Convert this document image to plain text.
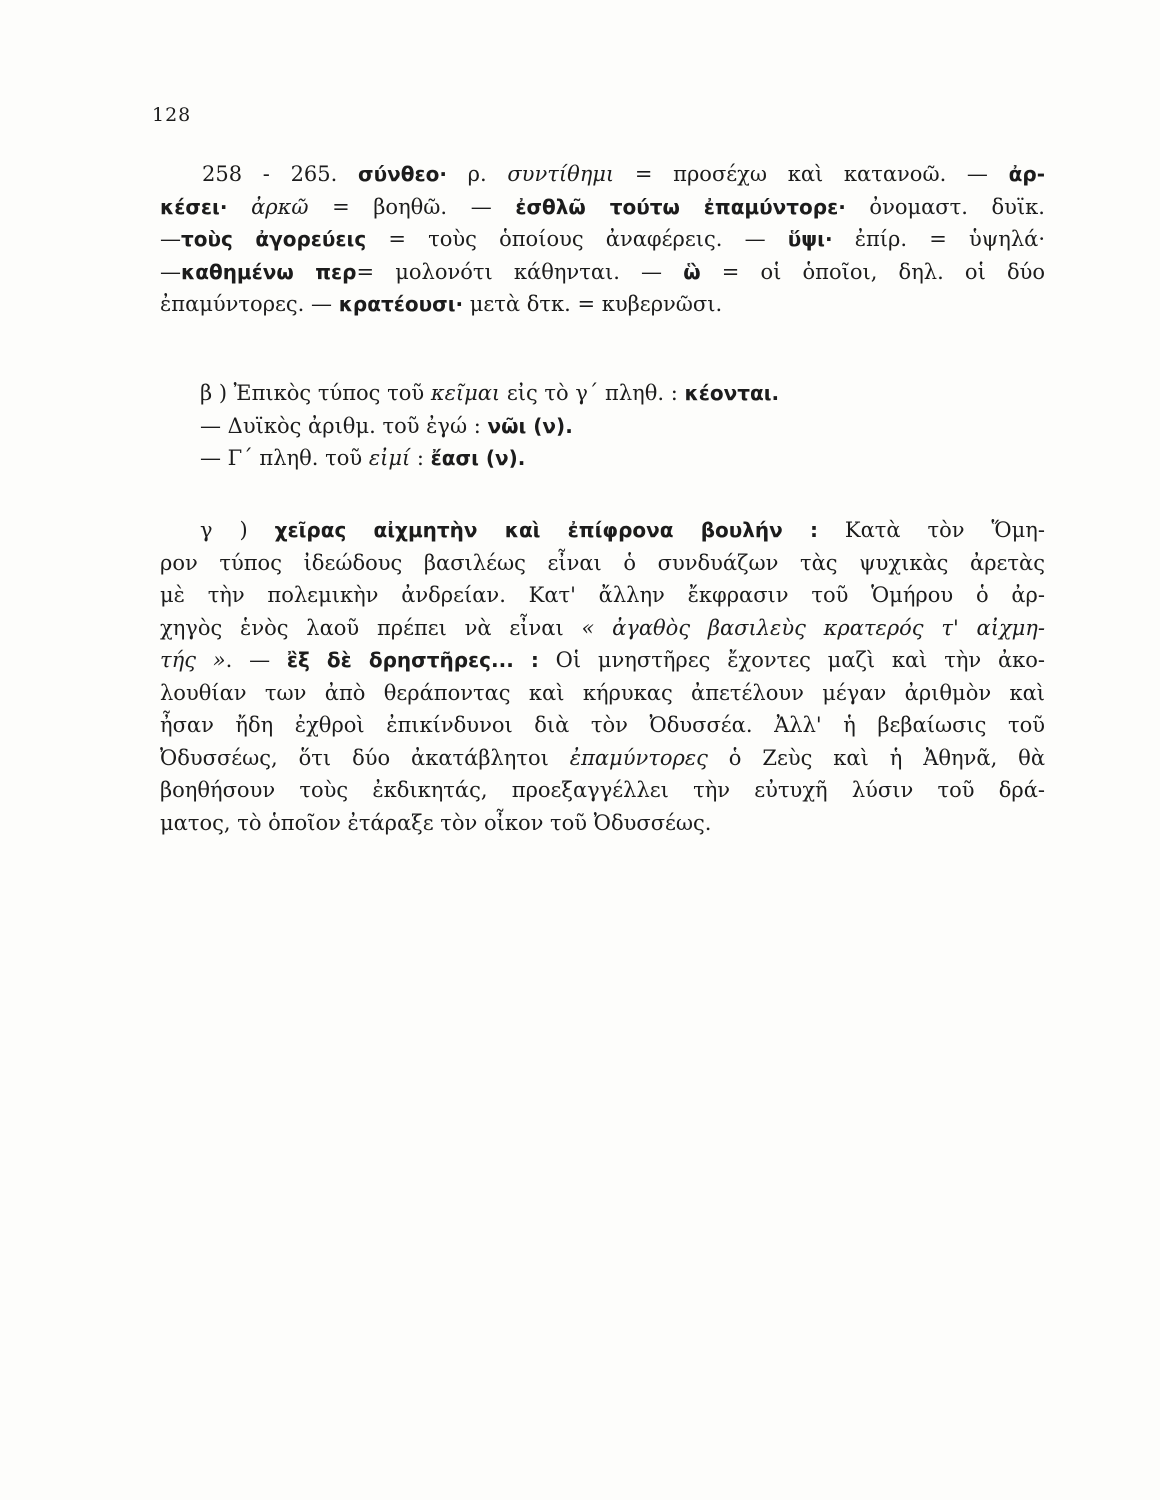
128
258 - 265. σύνθεο· ρ. συντίθημι = προσέχω καὶ κατανοῶ. — ἀρ-
κέσει· ἀρκῶ = βοηθῶ. — ἐσθλῶ τούτω ἐπαμύντορε· ὀνομαστ. δυϊκ.
—τοὺς ἀγορεύεις = τοὺς ὁποίους ἀναφέρεις. — ὕψι· ἐπίρ. = ὑψηλά·
—καθημένω περ= μολονότι κάθηνται. — ὣ = οἱ ὁποῖοι, δηλ. οἱ δύο
ἐπαμύντορες. — κρατέουσι· μετὰ δτκ. = κυβερνῶσι.
β ) Ἐπικὸς τύπος τοῦ κεῖμαι εἰς τὸ γ΄ πληθ. : κέονται.
— Δυϊκὸς ἀριθμ. τοῦ ἐγώ : νῶι (ν).
— Γ΄ πληθ. τοῦ εἰμί : ἔασι (ν).
γ ) χεῖρας αἰχμητὴν καὶ ἐπίφρονα βουλήν : Κατὰ τὸν Ὅμη-
ρον τύπος ἰδεώδους βασιλέως εἶναι ὁ συνδυάζων τὰς ψυχικὰς ἀρετὰς
μὲ τὴν πολεμικὴν ἀνδρείαν. Κατ' ἄλλην ἔκφρασιν τοῦ Ὁμήρου ὁ ἀρ-
χηγὸς ἑνὸς λαοῦ πρέπει νὰ εἶναι « ἀγαθὸς βασιλεὺς κρατερός τ' αἰχμη-
τής ». — ἒξ δὲ δρηστῆρες... : Οἱ μνηστῆρες ἔχοντες μαζὶ καὶ τὴν ἀκο-
λουθίαν των ἀπὸ θεράποντας καὶ κήρυκας ἀπετέλουν μέγαν ἀριθμὸν καὶ
ἦσαν ἤδη ἐχθροὶ ἐπικίνδυνοι διὰ τὸν Ὀδυσσέα. Ἀλλ' ἡ βεβαίωσις τοῦ
Ὀδυσσέως, ὅτι δύο ἀκατάβλητοι ἐπαμύντορες ὁ Ζεὺς καὶ ἡ Ἀθηνᾶ, θὰ
βοηθήσουν τοὺς ἐκδικητάς, προεξαγγέλλει τὴν εὐτυχῆ λύσιν τοῦ δρά-
ματος, τὸ ὁποῖον ἐτάραξε τὸν οἶκον τοῦ Ὀδυσσέως.
